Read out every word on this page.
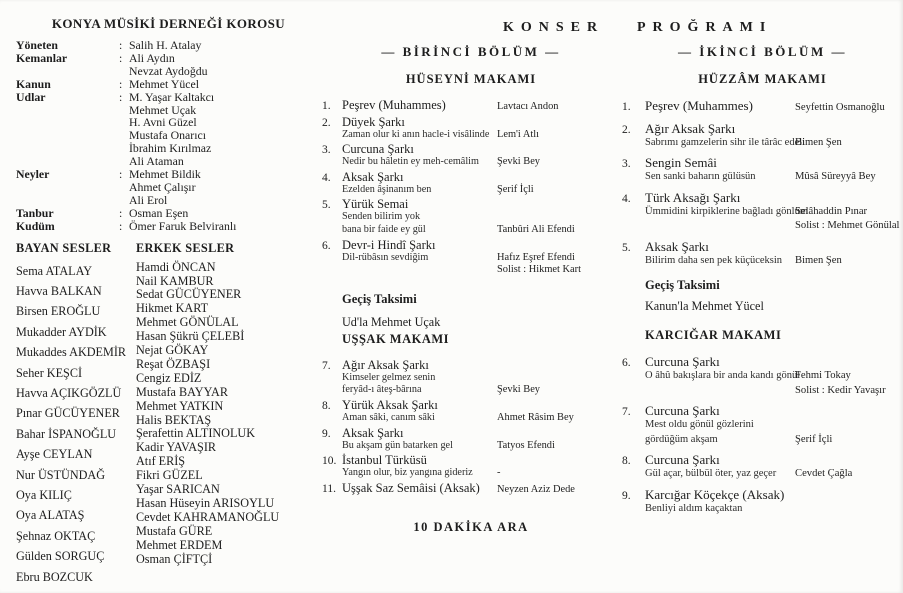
KONYA MÜSİKİ DERNEĞİ KOROSU
Yöneten	: Salih H. Atalay
Kemanlar	: Ali Aydın
Nevzat Aydoğdu
Kanun	: Mehmet Yücel
Udlar	: M. Yaşar Kaltakcı
Mehmet Uçak
H. Avni Güzel
Mustafa Onarıcı
İbrahim Kırılmaz
Ali Ataman
Neyler	: Mehmet Bildik
Ahmet Çalışır
Ali Erol
Tanbur	: Osman Eşen
Kudüm	: Ömer Faruk Belviranlı
BAYAN SESLER
Sema ATALAY
Havva BALKAN
Birsen EROĞLU
Mukadder AYDİK
Mukaddes AKDEMİR
Seher KEŞCİ
Havva AÇIKGÖZLÜ
Pınar GÜCÜYENER
Bahar İSPANOĞLU
Ayşe CEYLAN
Nur ÜSTÜNDAĞ
Oya KILIÇ
Oya ALATAŞ
Şehnaz OKTAÇ
Gülden SORGUÇ
Ebru BOZCUK
ERKEK SESLER
Hamdi ÖNCAN
Nail KAMBUR
Sedat GÜCÜYENER
Hikmet KART
Mehmet GÖNÜLAL
Hasan Şükrü ÇELEBİ
Nejat GÖKAY
Reşat ÖZBAŞI
Cengiz EDİZ
Mustafa BAYYAR
Mehmet YATKIN
Halis BEKTAŞ
Şerafettin ALTINOLUK
Kadir YAVAŞIR
Atıf ERİŞ
Fikri GÜZEL
Yaşar SARICAN
Hasan Hüseyin ARISOYLU
Cevdet KAHRAMANOĞLU
Mustafa GÜRE
Mehmet ERDEM
Osman ÇİFTÇİ
KONSER PROĞRAMI
— BİRİNCİ BÖLÜM —
HÜSEYNİ MAKAMI
1. Peşrev (Muhammes)	Lavtacı Andon
2. Düyek Şarkı
Zaman olur ki anın hacle-i visâlinde Lem'i Atlı
3. Curcuna Şarkı
Nedir bu hâletin ey meh-cemâlim	Şevki Bey
4. Aksak Şarkı
Ezelden âşinanım ben	Şerif İçli
5. Yürük Semai
Senden bilirim yok
bana bir faide ey gül	Tanbûri Ali Efendi
6. Devr-i Hindî Şarkı
Dil-rübâsın sevdiğim	Hafız Eşref Efendi
Solist : Hikmet Kart
Geçiş Taksimi
Ud'la Mehmet Uçak
UŞŞAK MAKAMI
7. Ağır Aksak Şarkı
Kimseler gelmez senin
feryâd-ı âteş-bârına	Şevki Bey
8. Yürük Aksak Şarkı
Aman sâki, canım sâki	Ahmet Râsim Bey
9. Aksak Şarkı
Bu akşam gün batarken gel	Tatyos Efendi
10. İstanbul Türküsü
Yangın olur, biz yangına gideriz	-
11. Uşşak Saz Semâisi (Aksak)	Neyzen Aziz Dede
10 DAKİKA ARA
— İKİNCİ BÖLÜM —
HÜZZÂM MAKAMI
1.	Peşrev (Muhammes)	Seyfettin Osmanoğlu
2.	Ağır Aksak Şarkı
Sabrımı gamzelerin sihr ile târâc edeli
Bimen Şen
3.	Sengin Semâi
Sen sanki baharın gülüsün	Mûsâ Süreyyâ Bey
4.	Türk Aksağı Şarkı
Ümmidini kirpiklerine bağladı gönlüm
Selâhaddin Pınar
Solist : Mehmet Gönülal
5.	Aksak Şarkı
Bilirim daha sen pek küçüceksin	Bimen Şen
Geçiş Taksimi
Kanun'la Mehmet Yücel
KARCIĞAR MAKAMI
6.	Curcuna Şarkı
O âhû bakışlara bir anda kandı gönül
Fehmi Tokay
Solist : Kedir Yavaşır
7.	Curcuna Şarkı
Mest oldu gönül gözlerini
gördüğüm akşam	Şerif İçli
8.	Curcuna Şarkı
Gül açar, bülbül öter, yaz geçer	Cevdet Çağla
9.	Karcığar Köçekçe (Aksak)
Benliyi aldım kaçaktan
